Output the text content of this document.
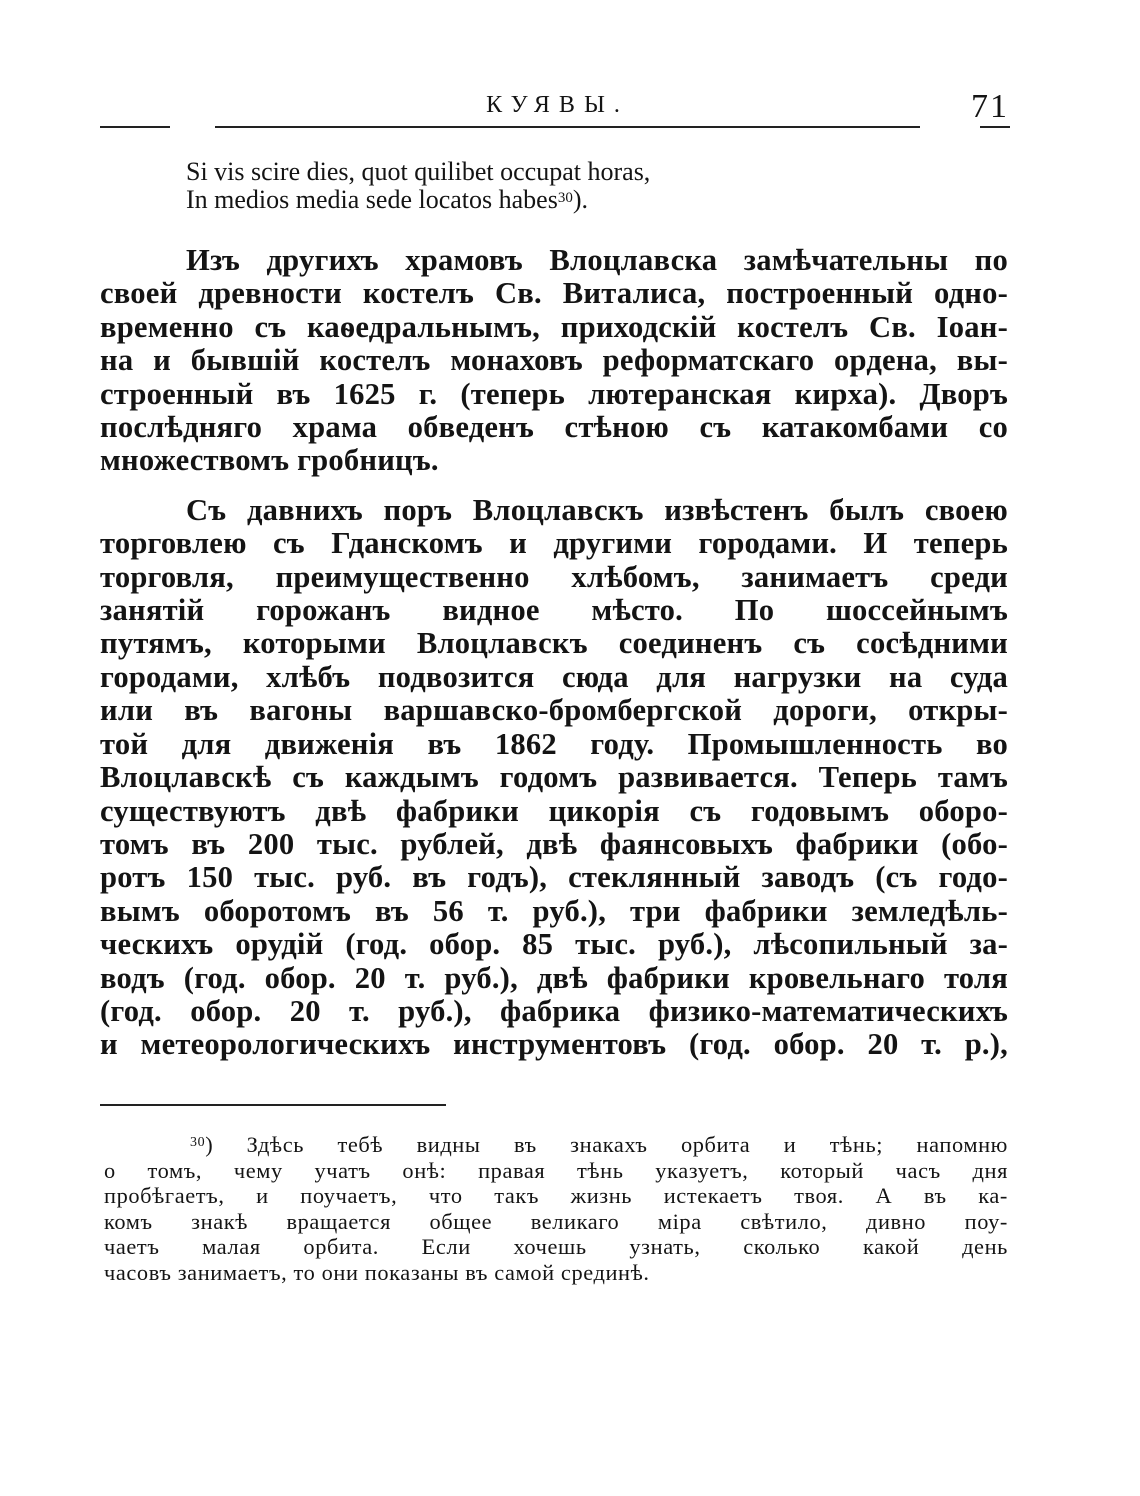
КУЯВЫ.	71
Si vis scire dies, quot quilibet occupat horas,
In medios media sede locatos habes$^{30}$).
Изъ другихъ храмовъ Влоцлавска замѣчательны по
своей древности костелъ Св. Виталиса, построенный одно-
временно съ каѳедральнымъ, приходскій костелъ Св. Іоан-
на и бывшій костелъ монаховъ реформатскаго ордена, вы-
строенный въ 1625 г. (теперь лютеранская кирха). Дворъ
послѣдняго храма обведенъ стѣною съ катакомбами со
множествомъ гробницъ.
Съ давнихъ поръ Влоцлавскъ извѣстенъ былъ своею
торговлею съ Гданскомъ и другими городами. И теперь
торговля, преимущественно хлѣбомъ, занимаетъ среди
занятій горожанъ видное мѣсто. По шоссейнымъ
путямъ, которыми Влоцлавскъ соединенъ съ сосѣдними
городами, хлѣбъ подвозится сюда для нагрузки на суда
или въ вагоны варшавско-бромбергской дороги, откры-
той для движенія въ 1862 году. Промышленность во
Влоцлавскѣ съ каждымъ годомъ развивается. Теперь тамъ
существуютъ двѣ фабрики цикорія съ годовымъ оборо-
томъ въ 200 тыс. рублей, двѣ фаянсовыхъ фабрики (обо-
ротъ 150 тыс. руб. въ годъ), стеклянный заводъ (съ годо-
вымъ оборотомъ въ 56 т. руб.), три фабрики земледѣль-
ческихъ орудій (год. обор. 85 тыс. руб.), лѣсопильный за-
водъ (год. обор. 20 т. руб.), двѣ фабрики кровельнаго толя
(год. обор. 20 т. руб.), фабрика физико-математическихъ
и метеорологическихъ инструментовъ (год. обор. 20 т. р.),
$^{30}$) Здѣсь тебѣ видны въ знакахъ орбита и тѣнь; напомню
о томъ, чему учатъ онѣ: правая тѣнь указуетъ, который часъ дня
пробѣгаетъ, и поучаетъ, что такъ жизнь истекаетъ твоя. А въ ка-
комъ знакѣ вращается общее великаго міра свѣтило, дивно поу-
чаетъ малая орбита. Если хочешь узнать, сколько какой день
часовъ занимаетъ, то они показаны въ самой срединѣ.
